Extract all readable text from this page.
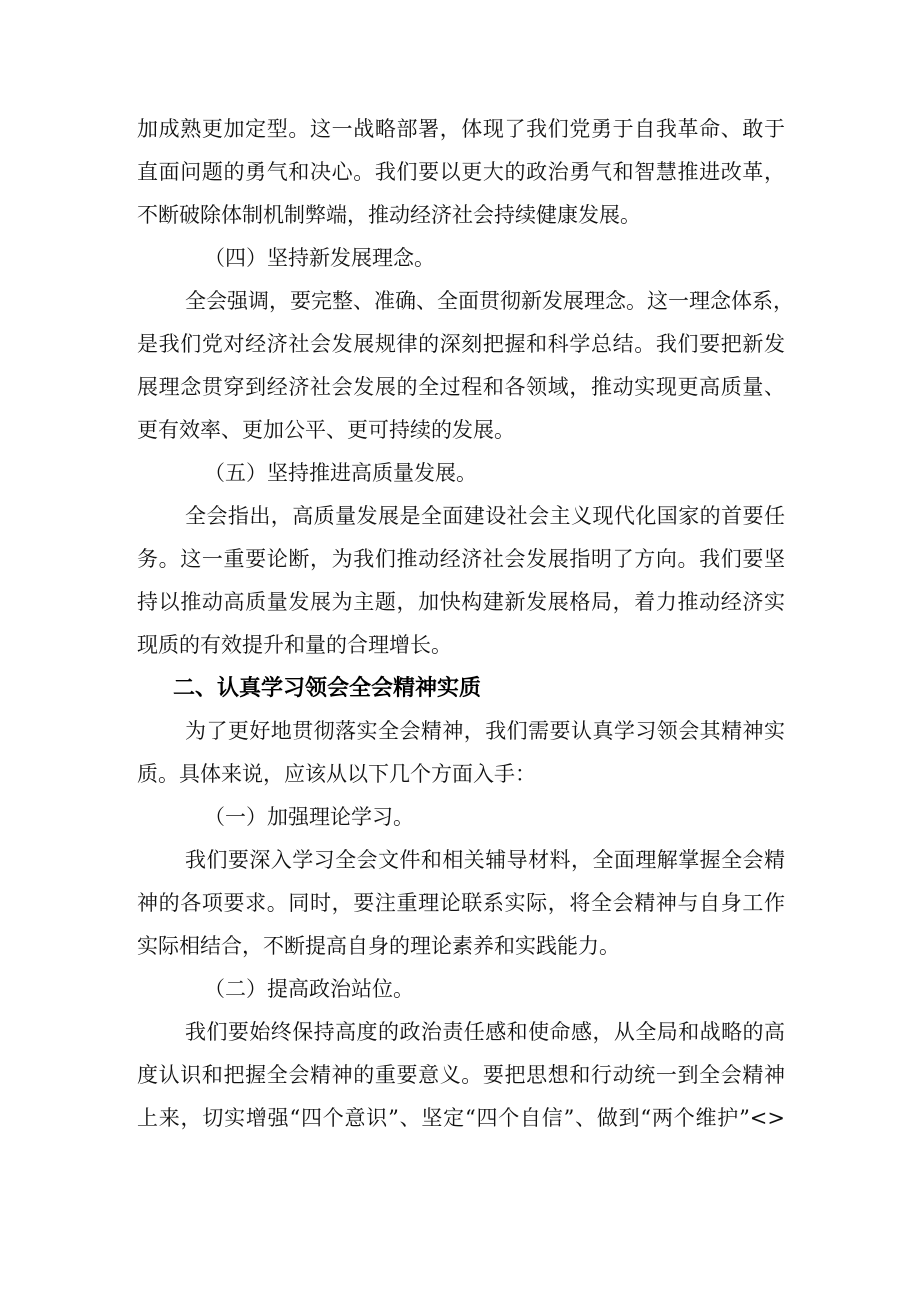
加成熟更加定型。这一战略部署，体现了我们党勇于自我革命、敢于
直面问题的勇气和决心。我们要以更大的政治勇气和智慧推进改革，
不断破除体制机制弊端，推动经济社会持续健康发展。
（四）坚持新发展理念。
全会强调，要完整、准确、全面贯彻新发展理念。这一理念体系，
是我们党对经济社会发展规律的深刻把握和科学总结。我们要把新发
展理念贯穿到经济社会发展的全过程和各领域，推动实现更高质量、
更有效率、更加公平、更可持续的发展。
（五）坚持推进高质量发展。
全会指出，高质量发展是全面建设社会主义现代化国家的首要任
务。这一重要论断，为我们推动经济社会发展指明了方向。我们要坚
持以推动高质量发展为主题，加快构建新发展格局，着力推动经济实
现质的有效提升和量的合理增长。
二、认真学习领会全会精神实质
为了更好地贯彻落实全会精神，我们需要认真学习领会其精神实
质。具体来说，应该从以下几个方面入手：
（一）加强理论学习。
我们要深入学习全会文件和相关辅导材料，全面理解掌握全会精
神的各项要求。同时，要注重理论联系实际，将全会精神与自身工作
实际相结合，不断提高自身的理论素养和实践能力。
（二）提高政治站位。
我们要始终保持高度的政治责任感和使命感，从全局和战略的高
度认识和把握全会精神的重要意义。要把思想和行动统一到全会精神
上来，切实增强“四个意识”、坚定“四个自信”、做到“两个维护”<>
